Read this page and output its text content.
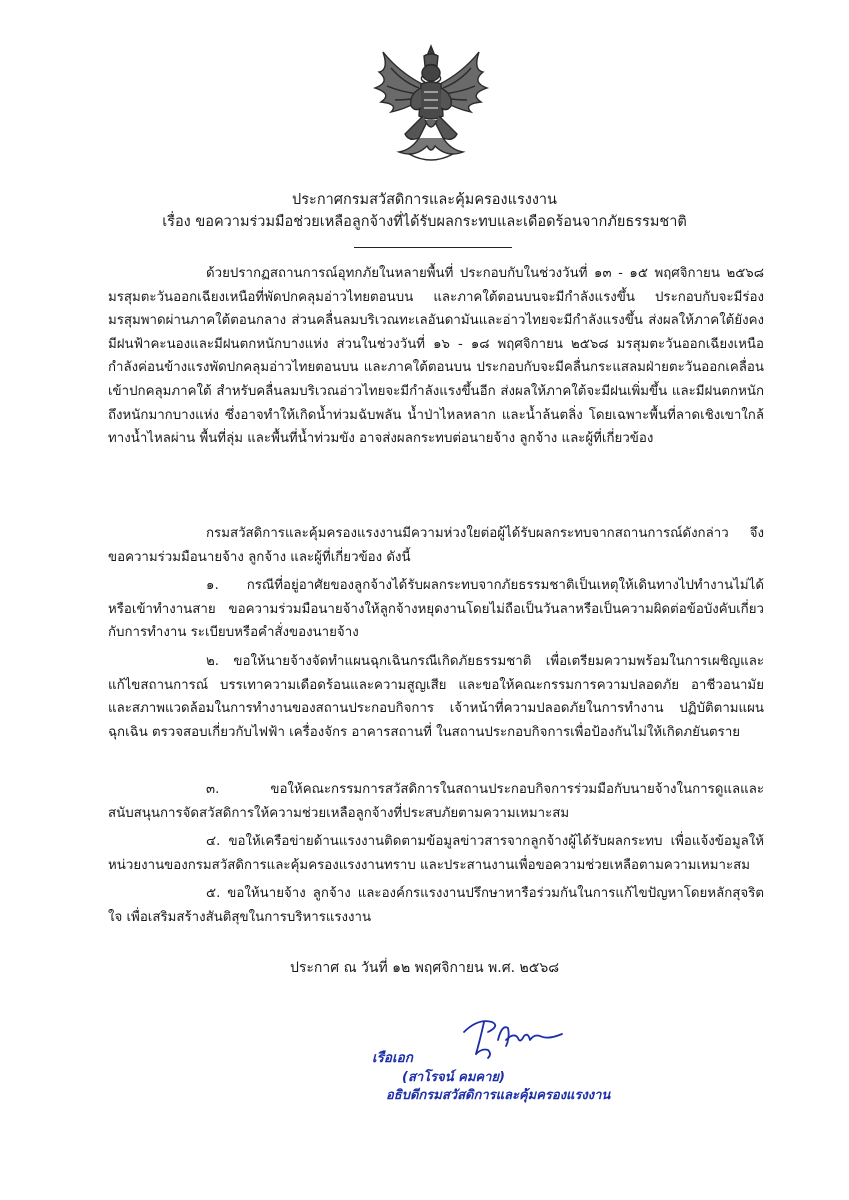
ประกาศกรมสวัสดิการและคุ้มครองแรงงาน
เรื่อง ขอความร่วมมือช่วยเหลือลูกจ้างที่ได้รับผลกระทบและเดือดร้อนจากภัยธรรมชาติ
ด้วยปรากฏสถานการณ์อุทกภัยในหลายพื้นที่ ประกอบกับในช่วงวันที่ ๑๓ - ๑๕ พฤศจิกายน ๒๕๖๘ มรสุมตะวันออกเฉียงเหนือที่พัดปกคลุมอ่าวไทยตอนบน และภาคใต้ตอนบนจะมีกำลังแรงขึ้น ประกอบกับจะมีร่องมรสุมพาดผ่านภาคใต้ตอนกลาง ส่วนคลื่นลมบริเวณทะเลอันดามันและอ่าวไทยจะมีกำลังแรงขึ้น ส่งผลให้ภาคใต้ยังคงมีฝนฟ้าคะนองและมีฝนตกหนักบางแห่ง ส่วนในช่วงวันที่ ๑๖ - ๑๘ พฤศจิกายน ๒๕๖๘ มรสุมตะวันออกเฉียงเหนือกำลังค่อนข้างแรงพัดปกคลุมอ่าวไทยตอนบน และภาคใต้ตอนบน ประกอบกับจะมีคลื่นกระแสลมฝ่ายตะวันออกเคลื่อนเข้าปกคลุมภาคใต้ สำหรับคลื่นลมบริเวณอ่าวไทยจะมีกำลังแรงขึ้นอีก ส่งผลให้ภาคใต้จะมีฝนเพิ่มขึ้น และมีฝนตกหนักถึงหนักมากบางแห่ง ซึ่งอาจทำให้เกิดน้ำท่วมฉับพลัน น้ำป่าไหลหลาก และน้ำล้นตลิ่ง โดยเฉพาะพื้นที่ลาดเชิงเขาใกล้ทางน้ำไหลผ่าน พื้นที่ลุ่ม และพื้นที่น้ำท่วมขัง อาจส่งผลกระทบต่อนายจ้าง ลูกจ้าง และผู้ที่เกี่ยวข้อง
กรมสวัสดิการและคุ้มครองแรงงานมีความห่วงใยต่อผู้ได้รับผลกระทบจากสถานการณ์ดังกล่าว จึงขอความร่วมมือนายจ้าง ลูกจ้าง และผู้ที่เกี่ยวข้อง ดังนี้
๑. กรณีที่อยู่อาศัยของลูกจ้างได้รับผลกระทบจากภัยธรรมชาติเป็นเหตุให้เดินทางไปทำงานไม่ได้ หรือเข้าทำงานสาย ขอความร่วมมือนายจ้างให้ลูกจ้างหยุดงานโดยไม่ถือเป็นวันลาหรือเป็นความผิดต่อข้อบังคับเกี่ยวกับการทำงาน ระเบียบหรือคำสั่งของนายจ้าง
๒. ขอให้นายจ้างจัดทำแผนฉุกเฉินกรณีเกิดภัยธรรมชาติ เพื่อเตรียมความพร้อมในการเผชิญและแก้ไขสถานการณ์ บรรเทาความเดือดร้อนและความสูญเสีย และขอให้คณะกรรมการความปลอดภัย อาชีวอนามัย และสภาพแวดล้อมในการทำงานของสถานประกอบกิจการ เจ้าหน้าที่ความปลอดภัยในการทำงาน ปฏิบัติตามแผนฉุกเฉิน ตรวจสอบเกี่ยวกับไฟฟ้า เครื่องจักร อาคารสถานที่ ในสถานประกอบกิจการเพื่อป้องกันไม่ให้เกิดภยันตราย
๓. ขอให้คณะกรรมการสวัสดิการในสถานประกอบกิจการร่วมมือกับนายจ้างในการดูแลและสนับสนุนการจัดสวัสดิการให้ความช่วยเหลือลูกจ้างที่ประสบภัยตามความเหมาะสม
๔. ขอให้เครือข่ายด้านแรงงานติดตามข้อมูลข่าวสารจากลูกจ้างผู้ได้รับผลกระทบ เพื่อแจ้งข้อมูลให้หน่วยงานของกรมสวัสดิการและคุ้มครองแรงงานทราบ และประสานงานเพื่อขอความช่วยเหลือตามความเหมาะสม
๕. ขอให้นายจ้าง ลูกจ้าง และองค์กรแรงงานปรึกษาหารือร่วมกันในการแก้ไขปัญหาโดยหลักสุจริตใจ เพื่อเสริมสร้างสันติสุขในการบริหารแรงงาน
ประกาศ ณ วันที่ ๑๒ พฤศจิกายน พ.ศ. ๒๕๖๘
เรือเอก
(สาโรจน์ คมคาย)
อธิบดีกรมสวัสดิการและคุ้มครองแรงงาน
